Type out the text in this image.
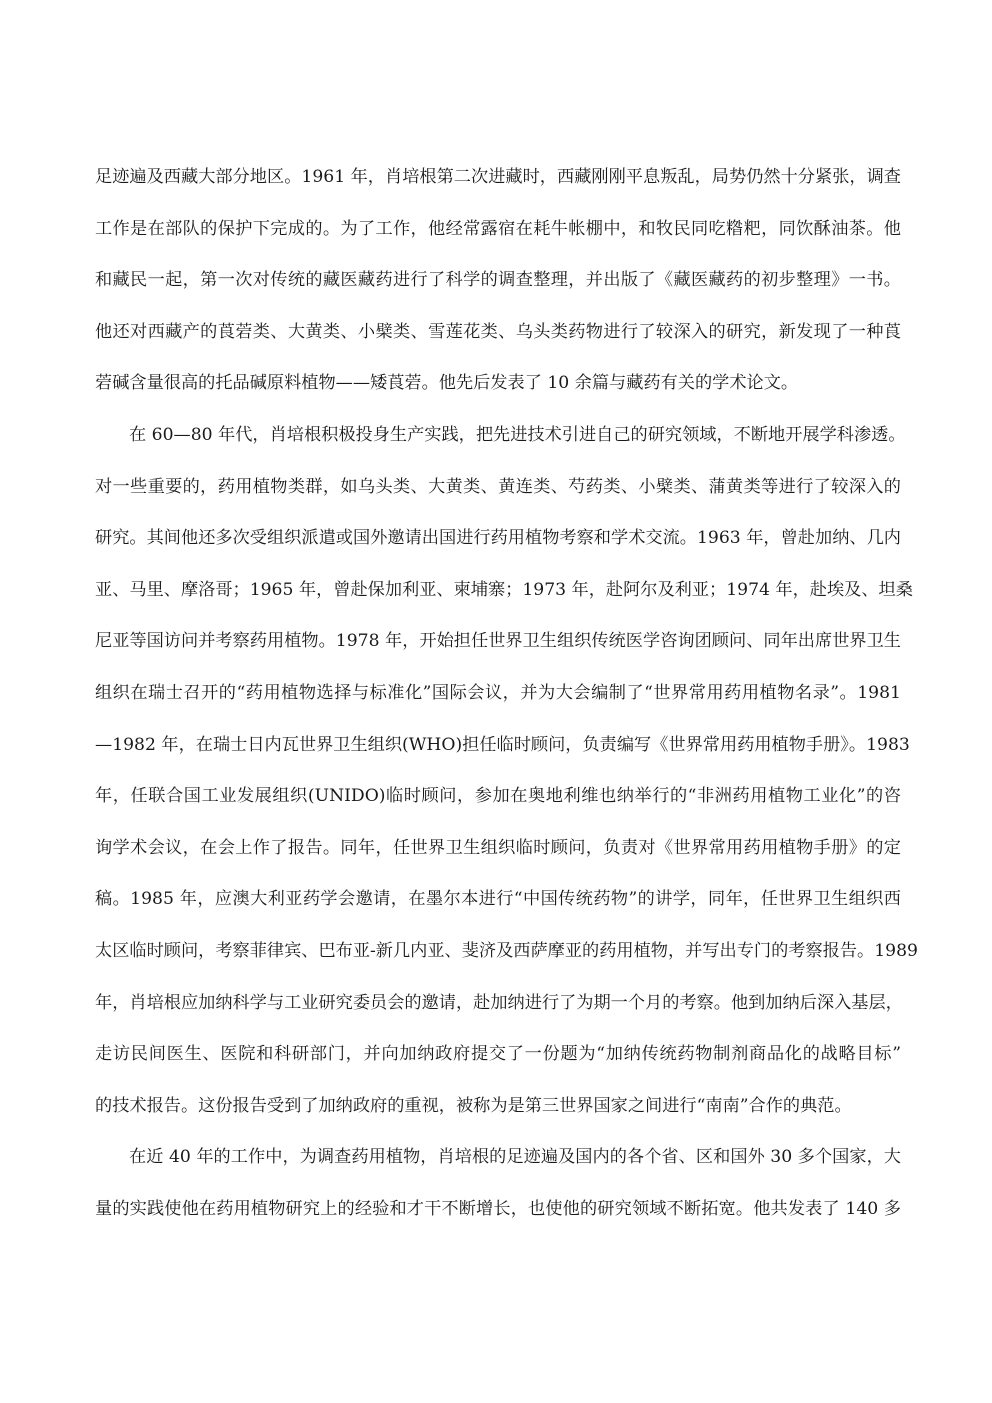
足迹遍及西藏大部分地区。1961 年，肖培根第二次进藏时，西藏刚刚平息叛乱，局势仍然十分紧张，调查
工作是在部队的保护下完成的。为了工作，他经常露宿在耗牛帐棚中，和牧民同吃糌粑，同饮酥油茶。他
和藏民一起，第一次对传统的藏医藏药进行了科学的调查整理，并出版了《藏医藏药的初步整理》一书。
他还对西藏产的莨菪类、大黄类、小檗类、雪莲花类、乌头类药物进行了较深入的研究，新发现了一种莨
菪碱含量很高的托品碱原料植物——矮莨菪。他先后发表了 10 余篇与藏药有关的学术论文。
在 60—80 年代，肖培根积极投身生产实践，把先进技术引进自己的研究领域，不断地开展学科渗透。
对一些重要的，药用植物类群，如乌头类、大黄类、黄连类、芍药类、小檗类、蒲黄类等进行了较深入的
研究。其间他还多次受组织派遣或国外邀请出国进行药用植物考察和学术交流。1963 年，曾赴加纳、几内
亚、马里、摩洛哥；1965 年，曾赴保加利亚、柬埔寨；1973 年，赴阿尔及利亚；1974 年，赴埃及、坦桑
尼亚等国访问并考察药用植物。1978 年，开始担任世界卫生组织传统医学咨询团顾问、同年出席世界卫生
组织在瑞士召开的“药用植物选择与标准化”国际会议，并为大会编制了“世界常用药用植物名录”。1981
—1982 年，在瑞士日内瓦世界卫生组织(WHO)担任临时顾问，负责编写《世界常用药用植物手册》。1983
年，任联合国工业发展组织(UNIDO)临时顾问，参加在奥地利维也纳举行的“非洲药用植物工业化”的咨
询学术会议，在会上作了报告。同年，任世界卫生组织临时顾问，负责对《世界常用药用植物手册》的定
稿。1985 年，应澳大利亚药学会邀请，在墨尔本进行“中国传统药物”的讲学，同年，任世界卫生组织西
太区临时顾问，考察菲律宾、巴布亚-新几内亚、斐济及西萨摩亚的药用植物，并写出专门的考察报告。1989
年，肖培根应加纳科学与工业研究委员会的邀请，赴加纳进行了为期一个月的考察。他到加纳后深入基层，
走访民间医生、医院和科研部门，并向加纳政府提交了一份题为“加纳传统药物制剂商品化的战略目标”
的技术报告。这份报告受到了加纳政府的重视，被称为是第三世界国家之间进行“南南”合作的典范。
在近 40 年的工作中，为调查药用植物，肖培根的足迹遍及国内的各个省、区和国外 30 多个国家，大
量的实践使他在药用植物研究上的经验和才干不断增长，也使他的研究领域不断拓宽。他共发表了 140 多
